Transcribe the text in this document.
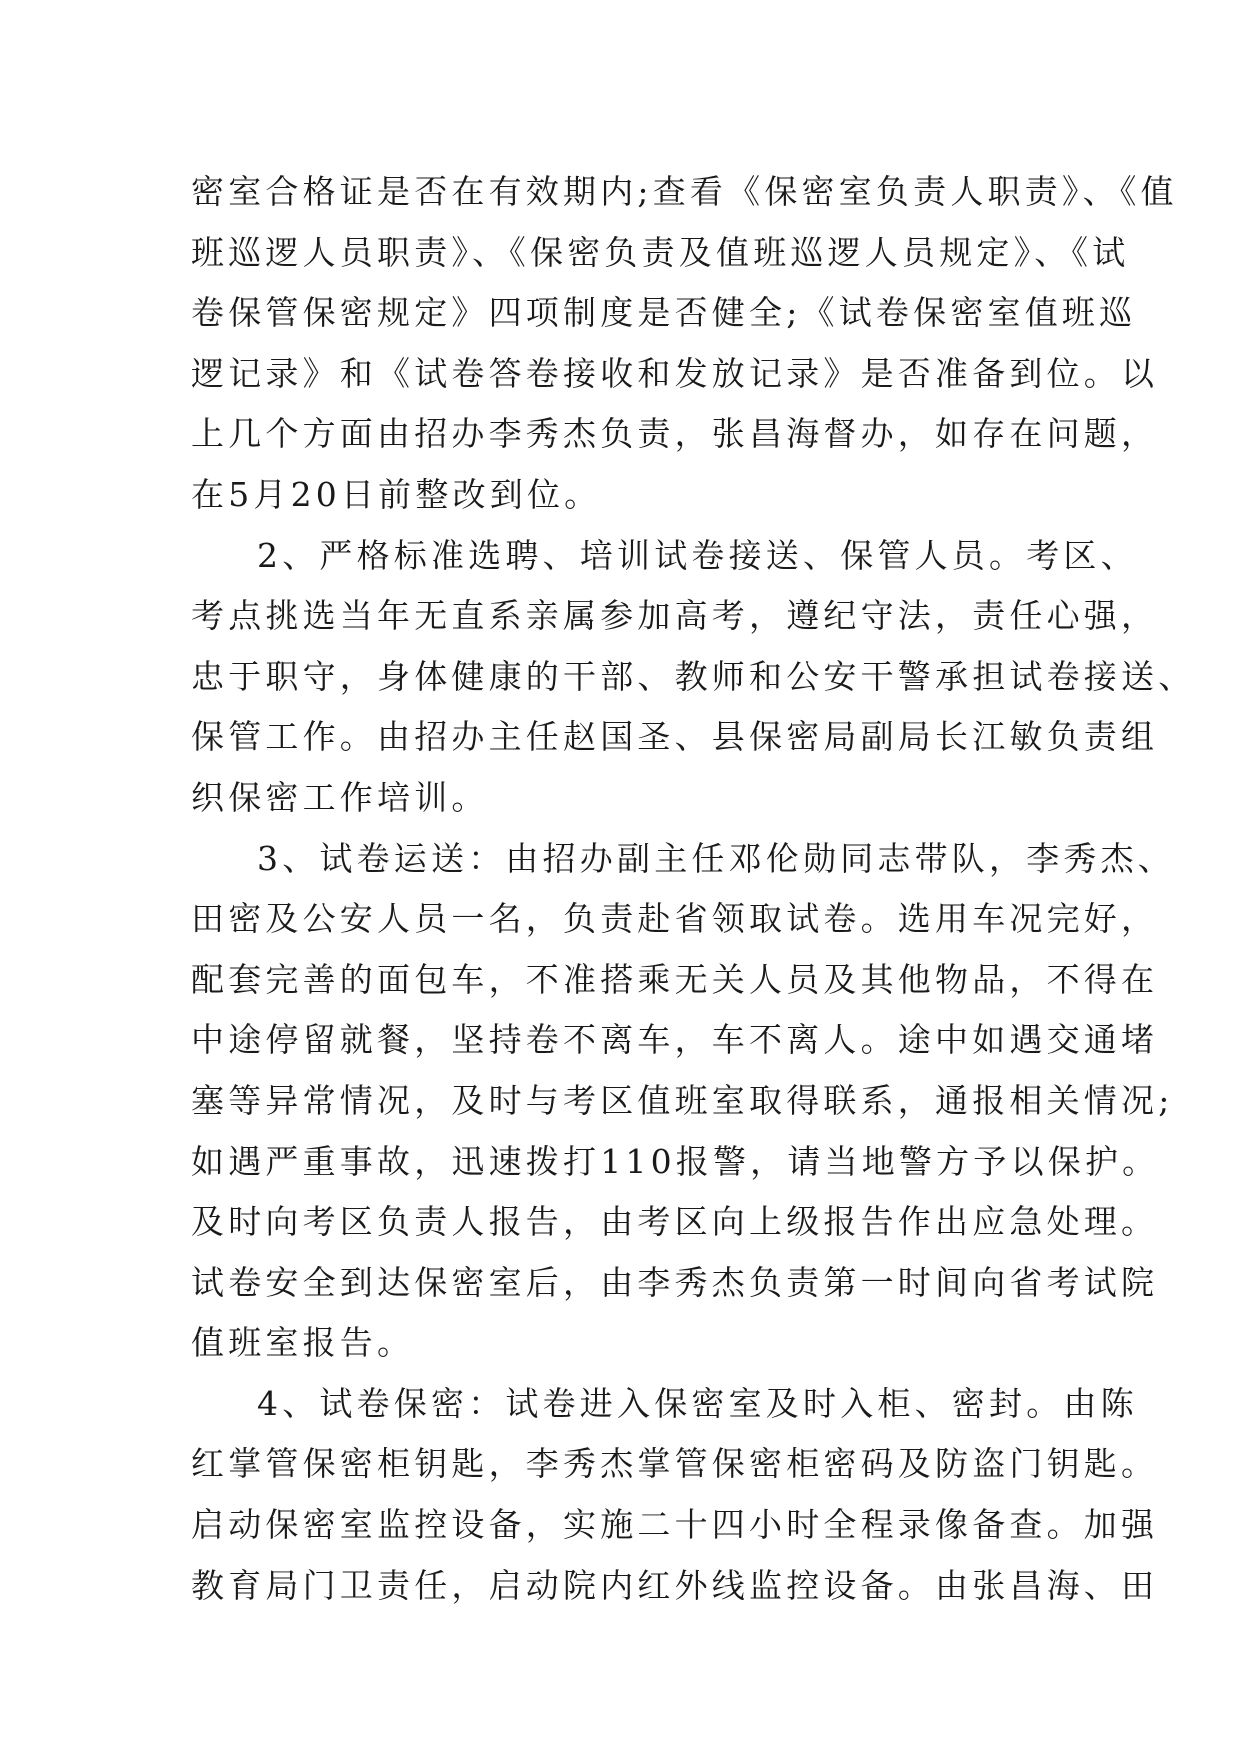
密室合格证是否在有效期内;查看《保密室负责人职责》、《值
班巡逻人员职责》、《保密负责及值班巡逻人员规定》、《试
卷保管保密规定》四项制度是否健全;《试卷保密室值班巡
逻记录》和《试卷答卷接收和发放记录》是否准备到位。以
上几个方面由招办李秀杰负责，张昌海督办，如存在问题，
在5月20日前整改到位。
2、严格标准选聘、培训试卷接送、保管人员。考区、
考点挑选当年无直系亲属参加高考，遵纪守法，责任心强，
忠于职守，身体健康的干部、教师和公安干警承担试卷接送、
保管工作。由招办主任赵国圣、县保密局副局长江敏负责组
织保密工作培训。
3、试卷运送：由招办副主任邓伦勋同志带队，李秀杰、
田密及公安人员一名，负责赴省领取试卷。选用车况完好，
配套完善的面包车，不准搭乘无关人员及其他物品，不得在
中途停留就餐，坚持卷不离车，车不离人。途中如遇交通堵
塞等异常情况，及时与考区值班室取得联系，通报相关情况;
如遇严重事故，迅速拨打110报警，请当地警方予以保护。
及时向考区负责人报告，由考区向上级报告作出应急处理。
试卷安全到达保密室后，由李秀杰负责第一时间向省考试院
值班室报告。
4、试卷保密：试卷进入保密室及时入柜、密封。由陈
红掌管保密柜钥匙，李秀杰掌管保密柜密码及防盗门钥匙。
启动保密室监控设备，实施二十四小时全程录像备查。加强
教育局门卫责任，启动院内红外线监控设备。由张昌海、田
